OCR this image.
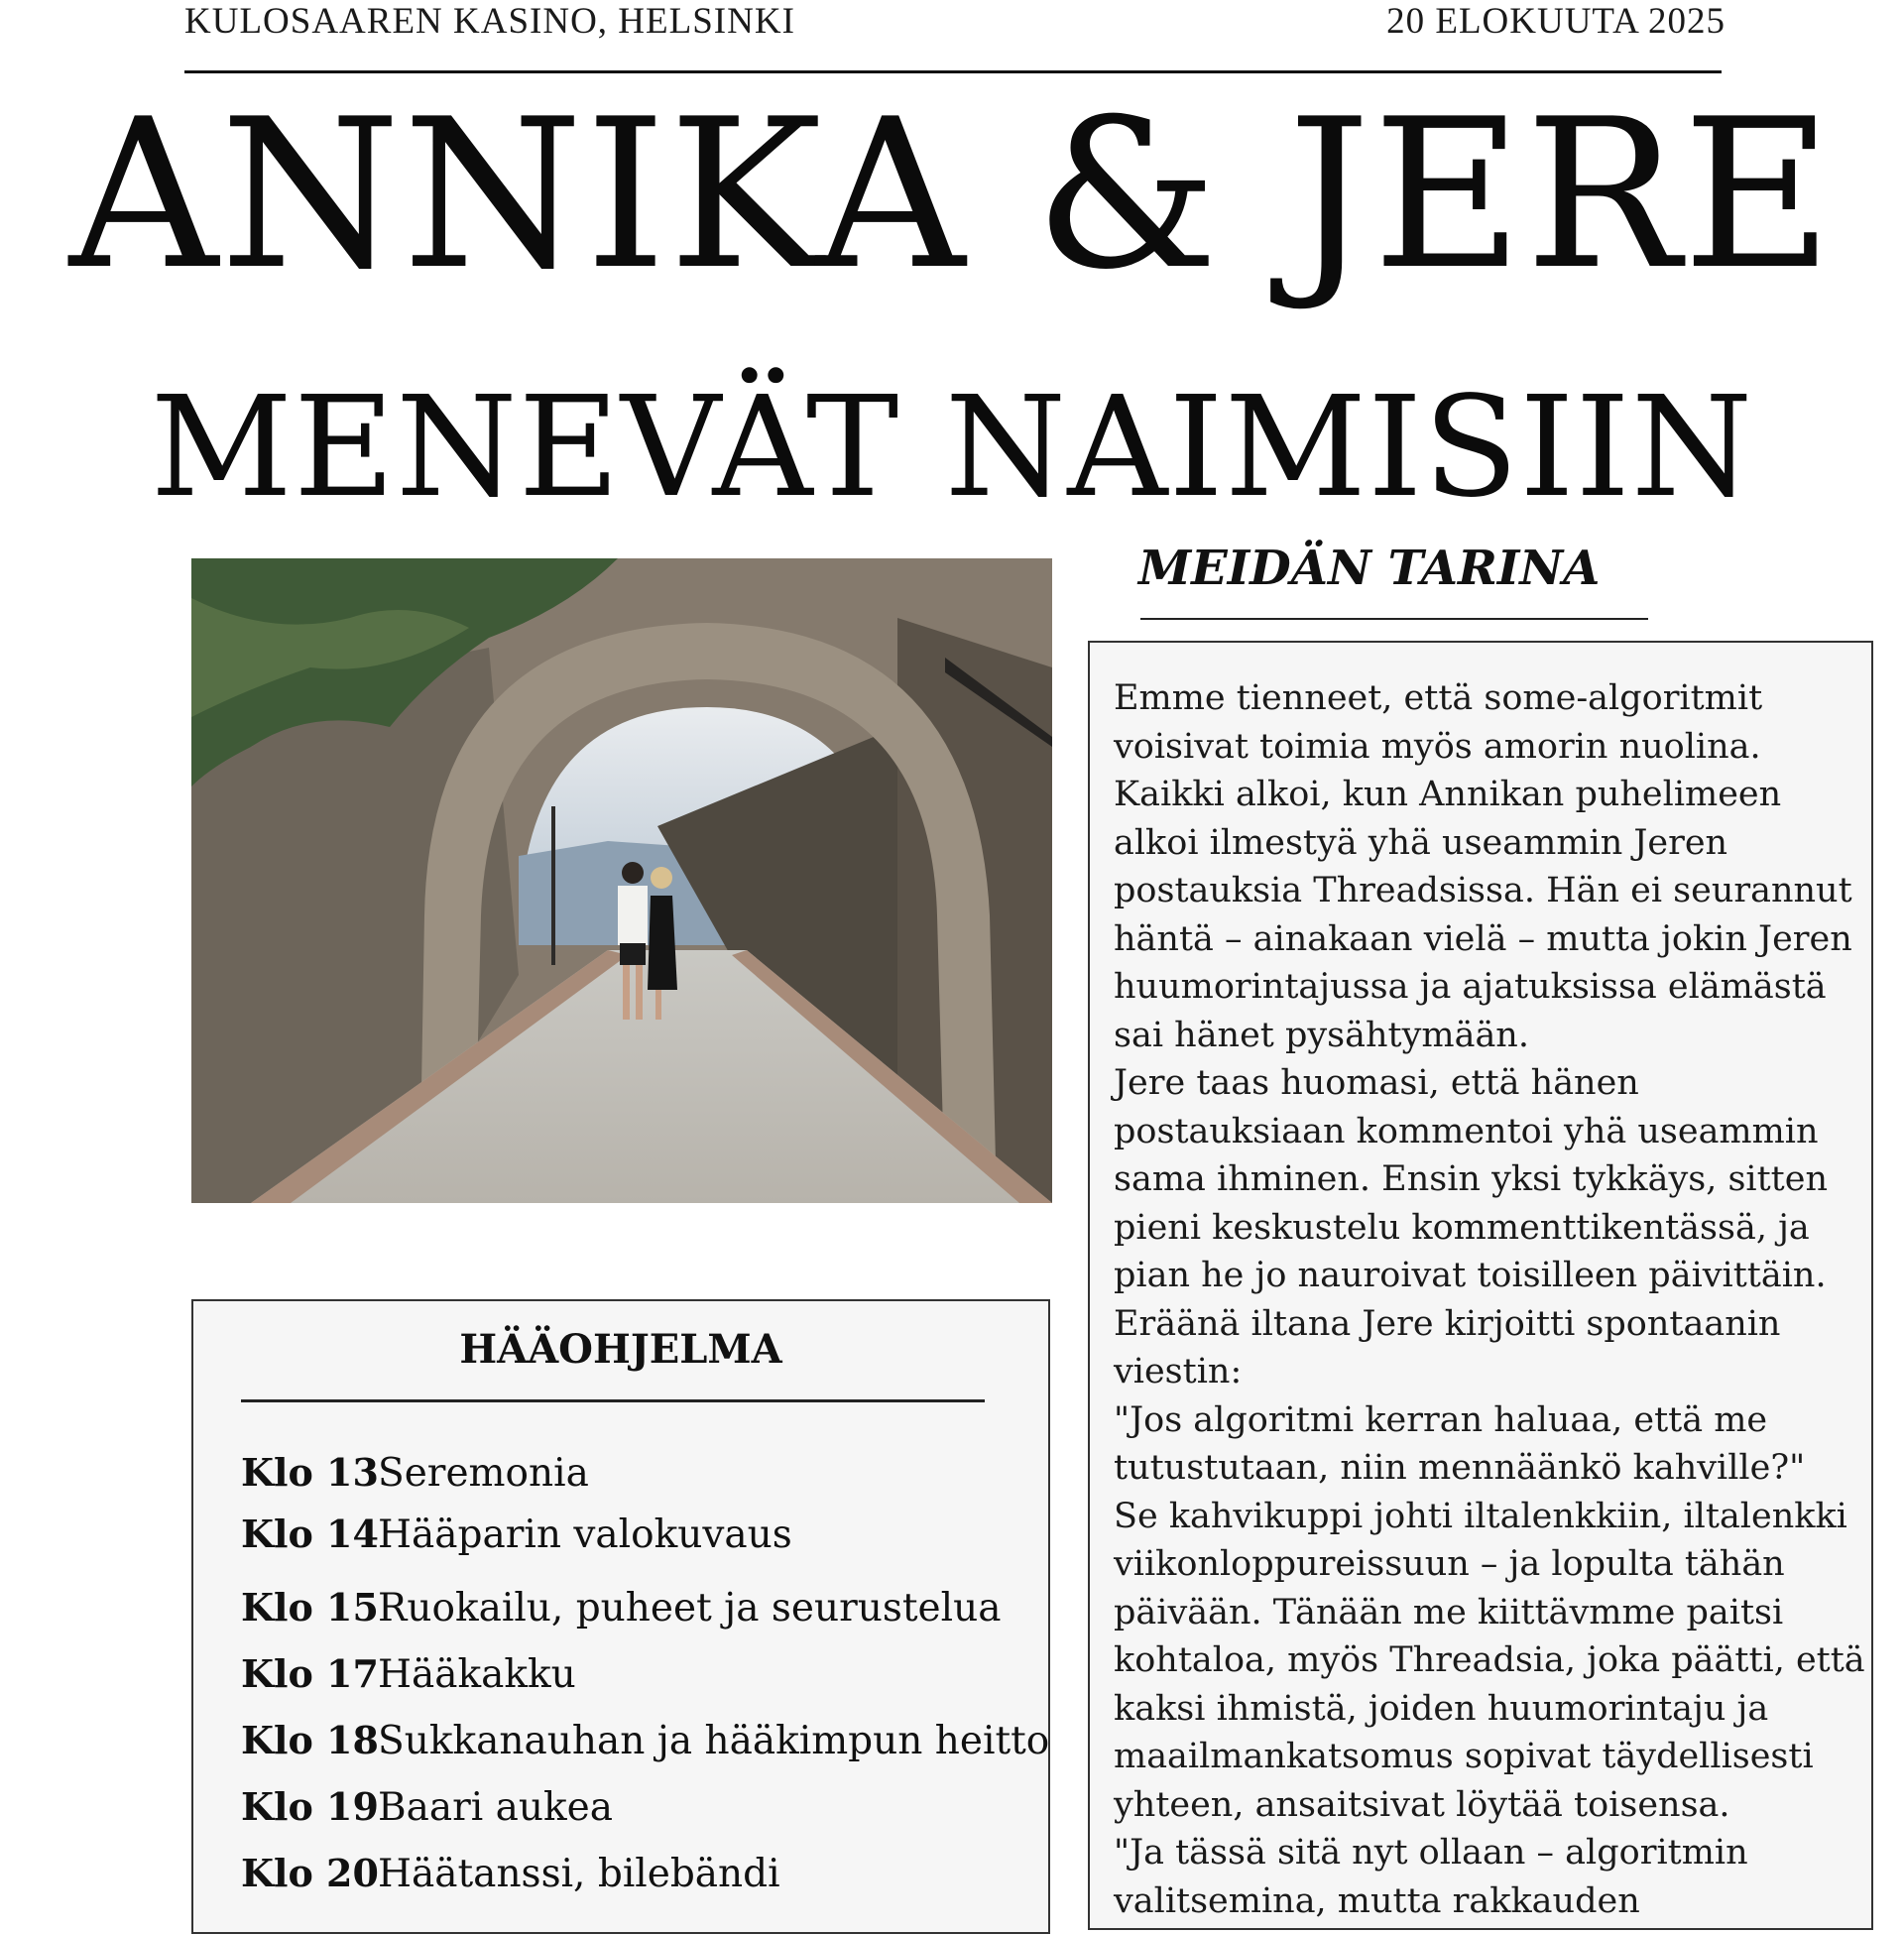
KULOSAAREN KASINO, HELSINKI	20 ELOKUUTA 2025
ANNIKA & JERE
MENEVÄT NAIMISIIN
MEIDÄN TARINA

Emme tienneet, että some-algoritmit voisivat toimia myös amorin nuolina. Kaikki alkoi, kun Annikan puhelimeen alkoi ilmestyä yhä useammin Jeren postauksia Threadsissa. Hän ei seurannut häntä – ainakaan vielä – mutta jokin Jeren huumorintajussa ja ajatuksissa elämästä sai hänet pysähtymään.

Jere taas huomasi, että hänen postauksiaan kommentoi yhä useammin sama ihminen. Ensin yksi tykkäys, sitten pieni keskustelu kommenttikentässä, ja pian he jo nauroivat toisilleen päivittäin.

Eräänä iltana Jere kirjoitti spontaanin viestin:

"Jos algoritmi kerran haluaa, että me tutustutaan, niin mennäänkö kahville?"

Se kahvikuppi johti iltalenkkiin, iltalenkki viikonloppureissuun – ja lopulta tähän päivään. Tänään me kiittävmme paitsi kohtaloa, myös Threadsia, joka päätti, että kaksi ihmistä, joiden huumorintaju ja maailmankatsomus sopivat täydellisesti yhteen, ansaitsivat löytää toisensa.

"Ja tässä sitä nyt ollaan – algoritmin valitsemina, mutta rakkauden

HÄÄOHJELMA
Klo 13Seremonia
Klo 14Hääparin valokuvaus
Klo 15Ruokailu, puheet ja seurustelua
Klo 17Hääkakku
Klo 18Sukkanauhan ja hääkimpun heitto
Klo 19Baari aukea
Klo 20Häätanssi, bilebändi
